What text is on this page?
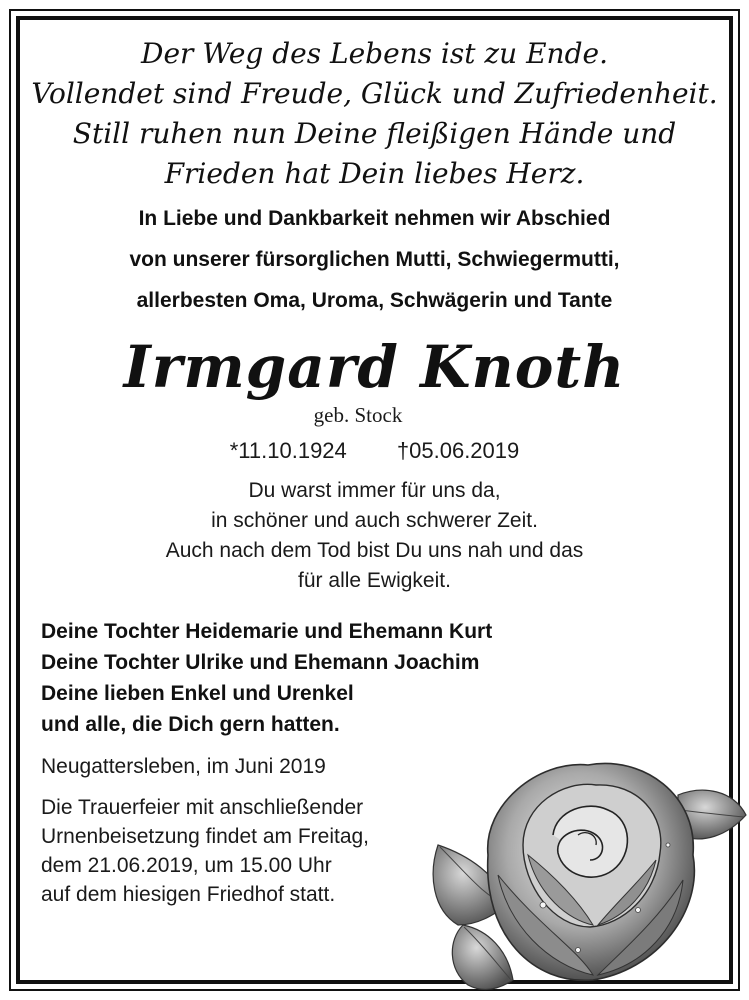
Der Weg des Lebens ist zu Ende.
Vollendet sind Freude, Glück und Zufriedenheit.
Still ruhen nun Deine fleißigen Hände und
Frieden hat Dein liebes Herz.
In Liebe und Dankbarkeit nehmen wir Abschied
von unserer fürsorglichen Mutti, Schwiegermutti,
allerbesten Oma, Uroma, Schwägerin und Tante
Irmgard Knoth
geb. Stock
*11.10.1924 †05.06.2019
Du warst immer für uns da,
in schöner und auch schwerer Zeit.
Auch nach dem Tod bist Du uns nah und das
für alle Ewigkeit.
Deine Tochter Heidemarie und Ehemann Kurt
Deine Tochter Ulrike und Ehemann Joachim
Deine lieben Enkel und Urenkel
und alle, die Dich gern hatten.
Neugattersleben, im Juni 2019
Die Trauerfeier mit anschließender
Urnenbeisetzung findet am Freitag,
dem 21.06.2019, um 15.00 Uhr
auf dem hiesigen Friedhof statt.
